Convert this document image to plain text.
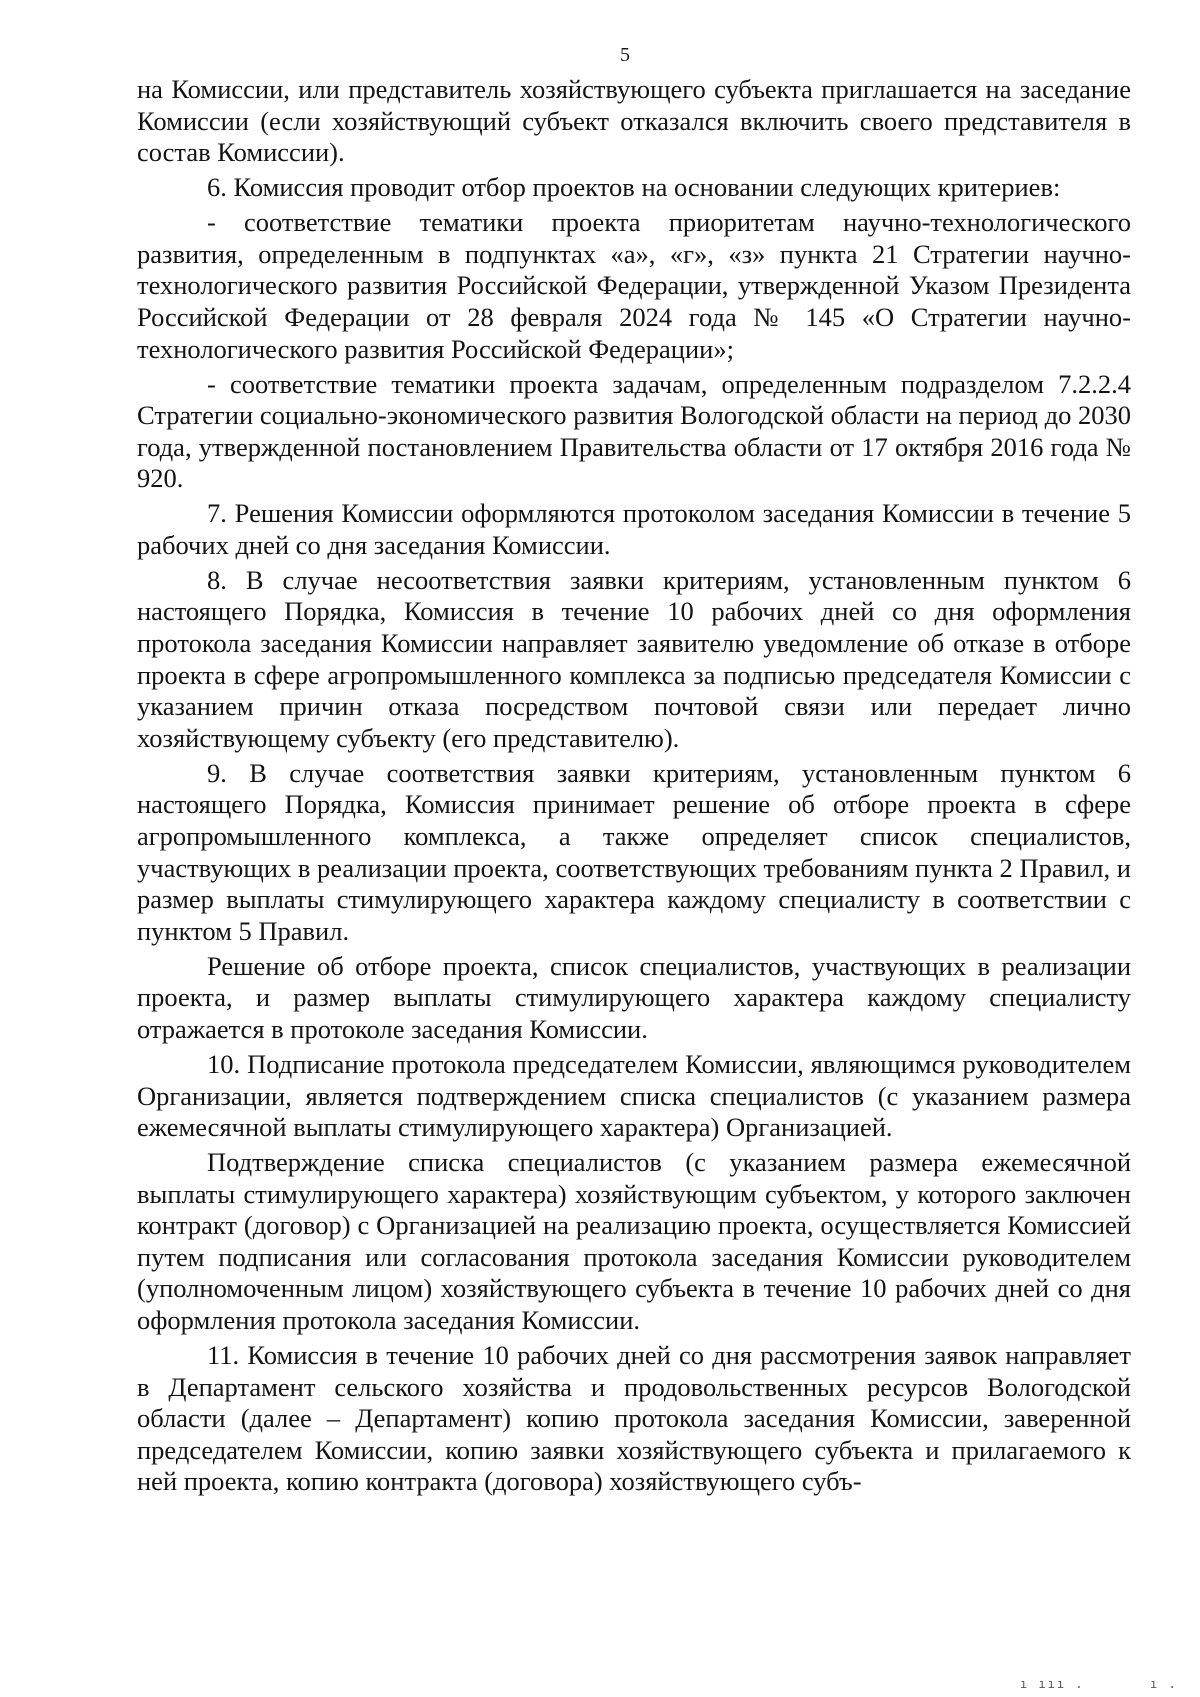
5

на Комиссии, или представитель хозяйствующего субъекта приглашается на заседание Комиссии (если хозяйствующий субъект отказался включить своего представителя в состав Комиссии).

6. Комиссия проводит отбор проектов на основании следующих критериев:

- соответствие тематики проекта приоритетам научно-технологического развития, определенным в подпунктах «а», «г», «з» пункта 21 Стратегии научно-технологического развития Российской Федерации, утвержденной Указом Президента Российской Федерации от 28 февраля 2024 года № 145 «О Стратегии научно-технологического развития Российской Федерации»;

- соответствие тематики проекта задачам, определенным подразделом 7.2.2.4 Стратегии социально-экономического развития Вологодской области на период до 2030 года, утвержденной постановлением Правительства области от 17 октября 2016 года № 920.

7. Решения Комиссии оформляются протоколом заседания Комиссии в течение 5 рабочих дней со дня заседания Комиссии.

8. В случае несоответствия заявки критериям, установленным пунктом 6 настоящего Порядка, Комиссия в течение 10 рабочих дней со дня оформления протокола заседания Комиссии направляет заявителю уведомление об отказе в отборе проекта в сфере агропромышленного комплекса за подписью председателя Комиссии с указанием причин отказа посредством почтовой связи или передает лично хозяйствующему субъекту (его представителю).

9. В случае соответствия заявки критериям, установленным пунктом 6 настоящего Порядка, Комиссия принимает решение об отборе проекта в сфере агропромышленного комплекса, а также определяет список специалистов, участвующих в реализации проекта, соответствующих требованиям пункта 2 Правил, и размер выплаты стимулирующего характера каждому специалисту в соответствии с пунктом 5 Правил.

Решение об отборе проекта, список специалистов, участвующих в реализации проекта, и размер выплаты стимулирующего характера каждому специалисту отражается в протоколе заседания Комиссии.

10. Подписание протокола председателем Комиссии, являющимся руководителем Организации, является подтверждением списка специалистов (с указанием размера ежемесячной выплаты стимулирующего характера) Организацией.

Подтверждение списка специалистов (с указанием размера ежемесячной выплаты стимулирующего характера) хозяйствующим субъектом, у которого заключен контракт (договор) с Организацией на реализацию проекта, осуществляется Комиссией путем подписания или согласования протокола заседания Комиссии руководителем (уполномоченным лицом) хозяйствующего субъекта в течение 10 рабочих дней со дня оформления протокола заседания Комиссии.

11. Комиссия в течение 10 рабочих дней со дня рассмотрения заявок направляет в Департамент сельского хозяйства и продовольственных ресурсов Вологодской области (далее – Департамент) копию протокола заседания Комиссии, заверенной председателем Комиссии, копию заявки хозяйствующего субъекта и прилагаемого к ней проекта, копию контракта (договора) хозяйствующего субъ-

ı ııı .	ı .
